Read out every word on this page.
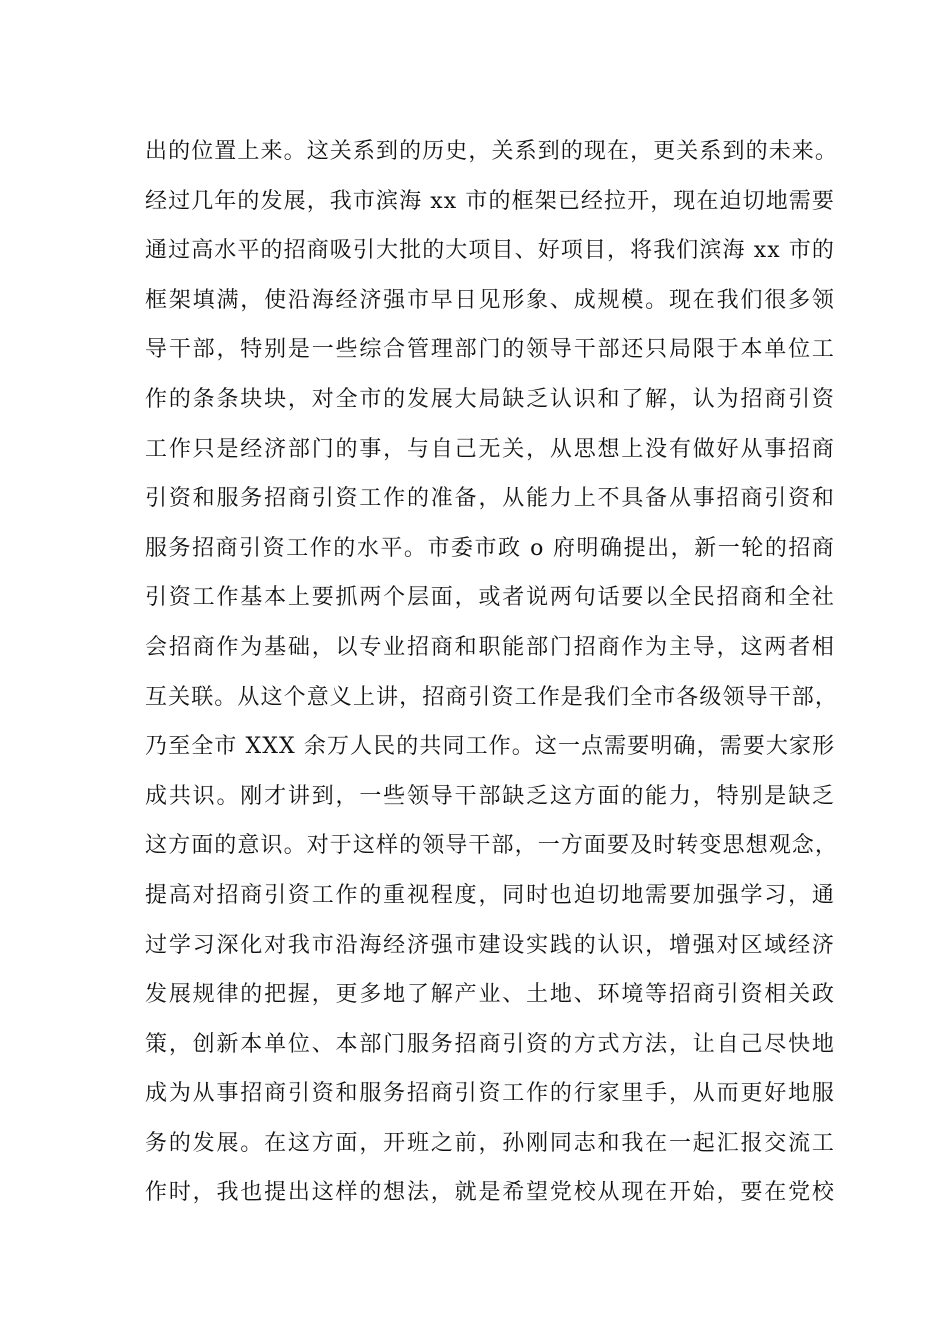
出的位置上来。这关系到的历史，关系到的现在，更关系到的未来。
经过几年的发展，我市滨海 xx 市的框架已经拉开，现在迫切地需要
通过高水平的招商吸引大批的大项目、好项目，将我们滨海 xx 市的
框架填满，使沿海经济强市早日见形象、成规模。现在我们很多领
导干部，特别是一些综合管理部门的领导干部还只局限于本单位工
作的条条块块，对全市的发展大局缺乏认识和了解，认为招商引资
工作只是经济部门的事，与自己无关，从思想上没有做好从事招商
引资和服务招商引资工作的准备，从能力上不具备从事招商引资和
服务招商引资工作的水平。市委市政 o 府明确提出，新一轮的招商
引资工作基本上要抓两个层面，或者说两句话要以全民招商和全社
会招商作为基础，以专业招商和职能部门招商作为主导，这两者相
互关联。从这个意义上讲，招商引资工作是我们全市各级领导干部，
乃至全市 XXX 余万人民的共同工作。这一点需要明确，需要大家形
成共识。刚才讲到，一些领导干部缺乏这方面的能力，特别是缺乏
这方面的意识。对于这样的领导干部，一方面要及时转变思想观念，
提高对招商引资工作的重视程度，同时也迫切地需要加强学习，通
过学习深化对我市沿海经济强市建设实践的认识，增强对区域经济
发展规律的把握，更多地了解产业、土地、环境等招商引资相关政
策，创新本单位、本部门服务招商引资的方式方法，让自己尽快地
成为从事招商引资和服务招商引资工作的行家里手，从而更好地服
务的发展。在这方面，开班之前，孙刚同志和我在一起汇报交流工
作时，我也提出这样的想法，就是希望党校从现在开始，要在党校
